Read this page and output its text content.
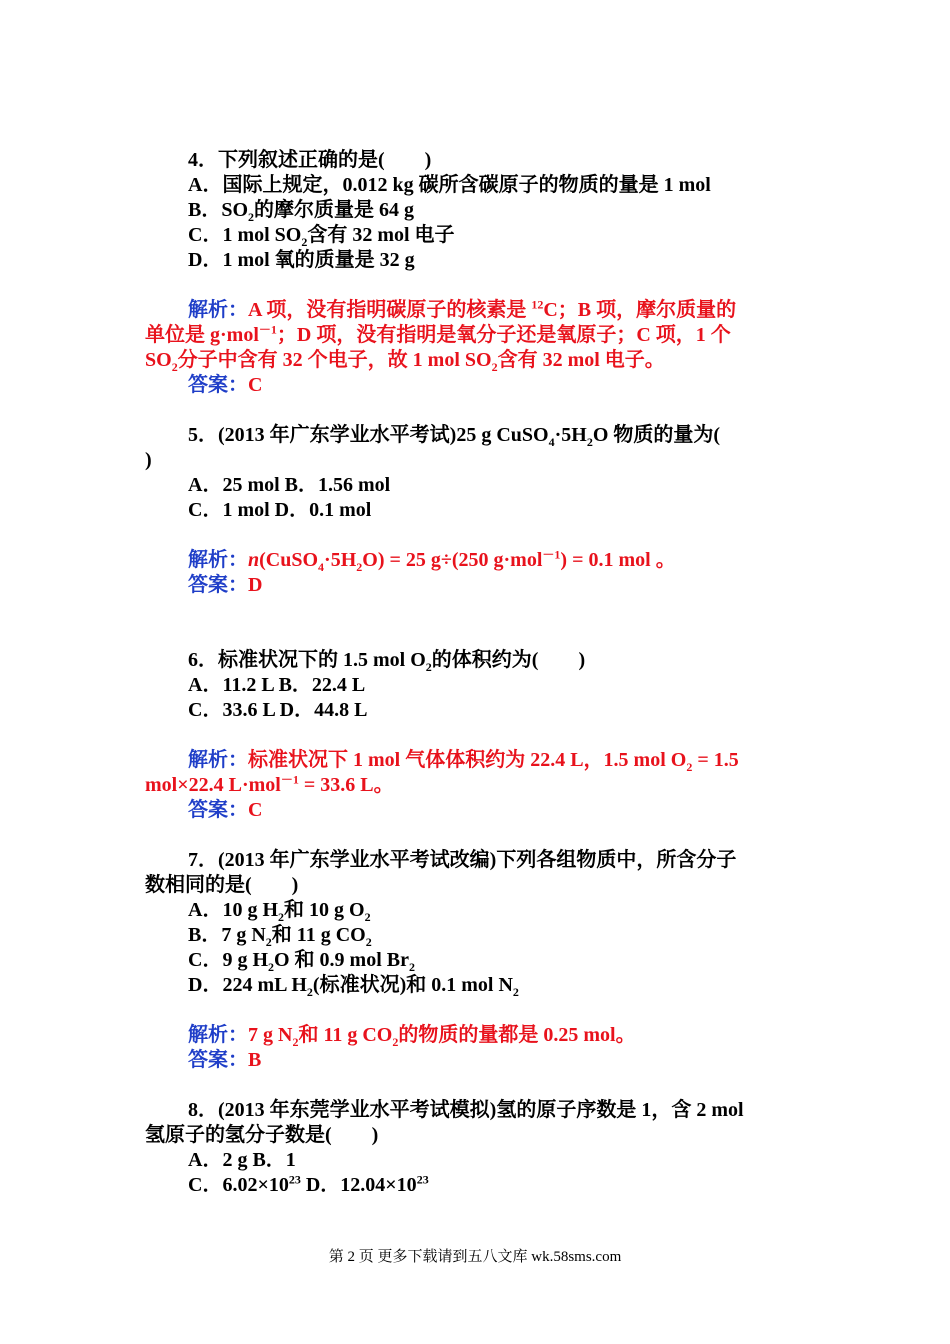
4．下列叙述正确的是(　　)
A．国际上规定，0.012 kg 碳所含碳原子的物质的量是 1 mol
B．$SO_2$的摩尔质量是 64 g
C．1 mol $SO_2$含有 32 mol 电子
D．1 mol 氧的质量是 32 g
解析：A 项，没有指明碳原子的核素是 $^{12}$C；B 项，摩尔质量的
单位是 g·mol$^{-1}$；D 项，没有指明是氧分子还是氧原子；C 项，1 个
$SO_2$分子中含有 32 个电子，故 1 mol $SO_2$含有 32 mol 电子。
答案：C
5．(2013 年广东学业水平考试)25 g $CuSO_4\cdot 5H_2O$ 物质的量为(
)
A．25 mol B．1.56 mol
C．1 mol D．0.1 mol
解析：$n(CuSO_4\cdot 5H_2O) = 25$ g÷(250 g·mol$^{-1}$) = 0.1 mol 。
答案：D
6．标准状况下的 1.5 mol $O_2$的体积约为(　　)
A．11.2 L B．22.4 L
C．33.6 L D．44.8 L
解析：标准状况下 1 mol 气体体积约为 22.4 L，1.5 mol $O_2 = 1.5$
mol×22.4 L·mol$^{-1}$ = 33.6 L。
答案：C
7．(2013 年广东学业水平考试改编)下列各组物质中，所含分子
数相同的是(　　)
A．10 g $H_2$和 10 g $O_2$
B．7 g $N_2$和 11 g $CO_2$
C．9 g $H_2O$ 和 0.9 mol $Br_2$
D．224 mL $H_2$(标准状况)和 0.1 mol $N_2$
解析：7 g $N_2$和 11 g $CO_2$的物质的量都是 0.25 mol。
答案：B
8．(2013 年东莞学业水平考试模拟)氢的原子序数是 1，含 2 mol
氢原子的氢分子数是(　　)
A．2 g B．1
C．$6.02\times 10^{23}$ D．$12.04\times 10^{23}$
第 2 页 更多下载请到五八文库 wk.58sms.com
